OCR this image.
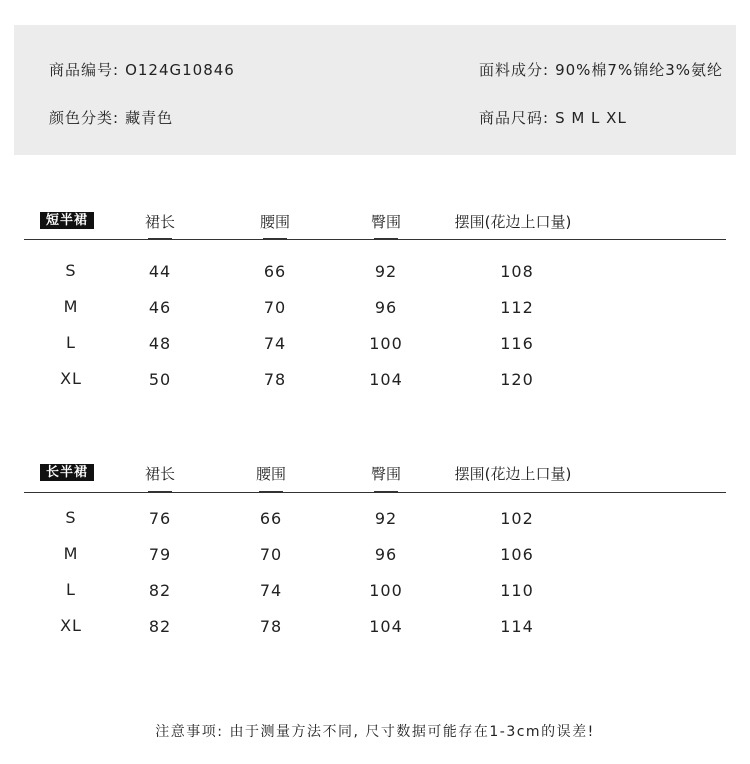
商品编号: O124G10846	面料成分: 90%棉7%锦纶3%氨纶
颜色分类: 藏青色	商品尺码: S M L XL
短半裙	裙长	腰围	臀围	摆围(花边上口量)
S	44	66	92	108
M	46	70	96	112
L	48	74	100	116
XL	50	78	104	120
长半裙	裙长	腰围	臀围	摆围(花边上口量)
S	76	66	92	102
M	79	70	96	106
L	82	74	100	110
XL	82	78	104	114
注意事项: 由于测量方法不同, 尺寸数据可能存在1-3cm的误差!
